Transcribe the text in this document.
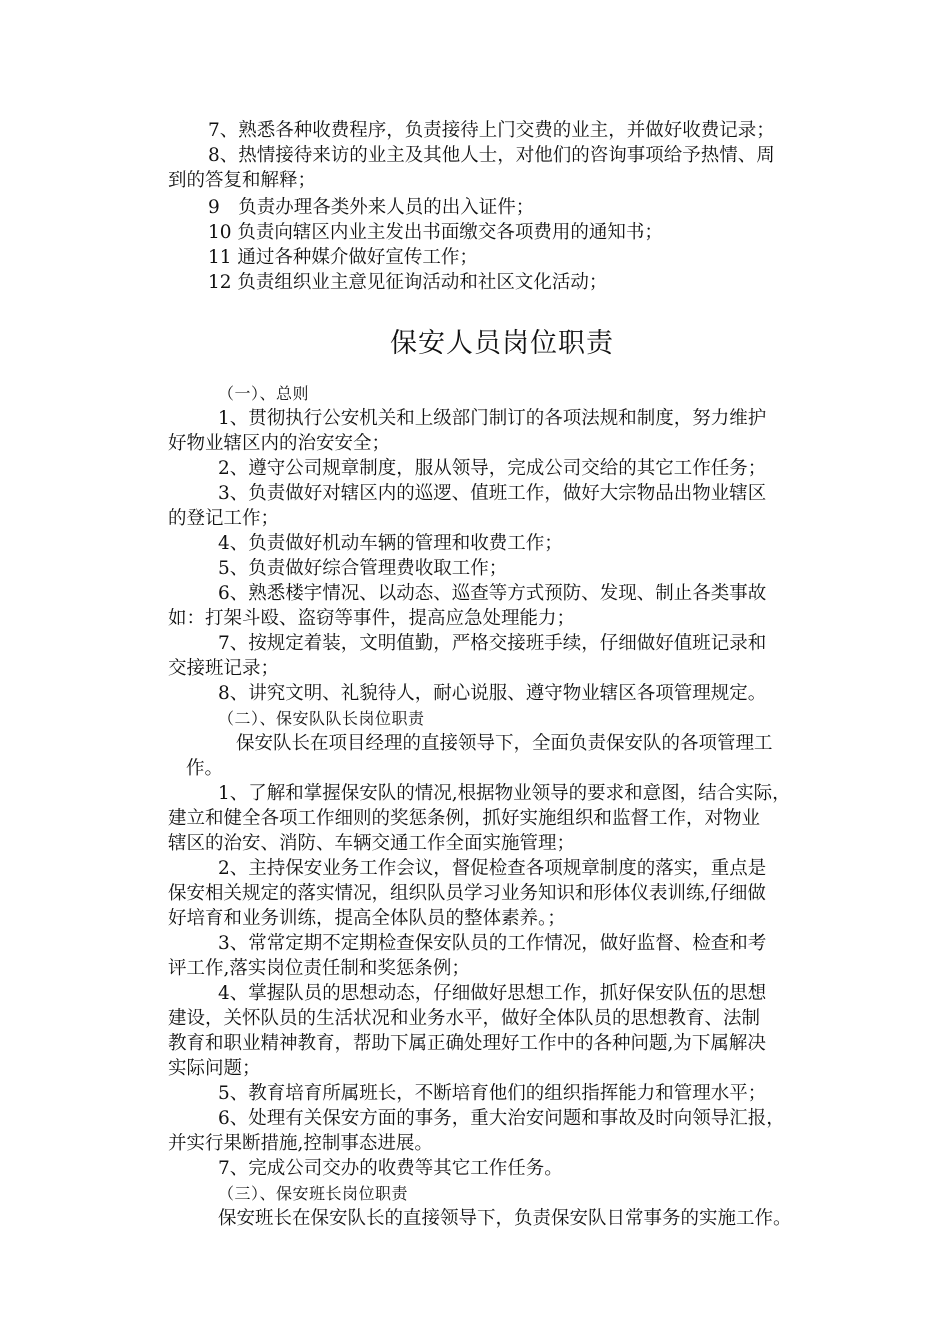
7、熟悉各种收费程序，负责接待上门交费的业主，并做好收费记录；
8、热情接待来访的业主及其他人士，对他们的咨询事项给予热情、周
到的答复和解释；
9　负责办理各类外来人员的出入证件；
10 负责向辖区内业主发出书面缴交各项费用的通知书；
11 通过各种媒介做好宣传工作；
12 负责组织业主意见征询活动和社区文化活动；
保安人员岗位职责
（一）、总则
1、贯彻执行公安机关和上级部门制订的各项法规和制度，努力维护
好物业辖区内的治安安全；
2、遵守公司规章制度，服从领导，完成公司交给的其它工作任务；
3、负责做好对辖区内的巡逻、值班工作，做好大宗物品出物业辖区
的登记工作；
4、负责做好机动车辆的管理和收费工作；
5、负责做好综合管理费收取工作；
6、熟悉楼宇情况、以动态、巡查等方式预防、发现、制止各类事故
如：打架斗殴、盗窃等事件，提高应急处理能力；
7、按规定着装，文明值勤，严格交接班手续，仔细做好值班记录和
交接班记录；
8、讲究文明、礼貌待人，耐心说服、遵守物业辖区各项管理规定。
（二）、保安队队长岗位职责
保安队长在项目经理的直接领导下，全面负责保安队的各项管理工
作。
1、了解和掌握保安队的情况,根据物业领导的要求和意图，结合实际，
建立和健全各项工作细则的奖惩条例，抓好实施组织和监督工作，对物业
辖区的治安、消防、车辆交通工作全面实施管理；
2、主持保安业务工作会议，督促检查各项规章制度的落实，重点是
保安相关规定的落实情况，组织队员学习业务知识和形体仪表训练,仔细做
好培育和业务训练，提高全体队员的整体素养。；
3、常常定期不定期检查保安队员的工作情况，做好监督、检查和考
评工作,落实岗位责任制和奖惩条例；
4、掌握队员的思想动态，仔细做好思想工作，抓好保安队伍的思想
建设，关怀队员的生活状况和业务水平，做好全体队员的思想教育、法制
教育和职业精神教育，帮助下属正确处理好工作中的各种问题,为下属解决
实际问题；
5、教育培育所属班长，不断培育他们的组织指挥能力和管理水平；
6、处理有关保安方面的事务，重大治安问题和事故及时向领导汇报，
并实行果断措施,控制事态进展。
7、完成公司交办的收费等其它工作任务。
（三）、保安班长岗位职责
保安班长在保安队长的直接领导下，负责保安队日常事务的实施工作。
